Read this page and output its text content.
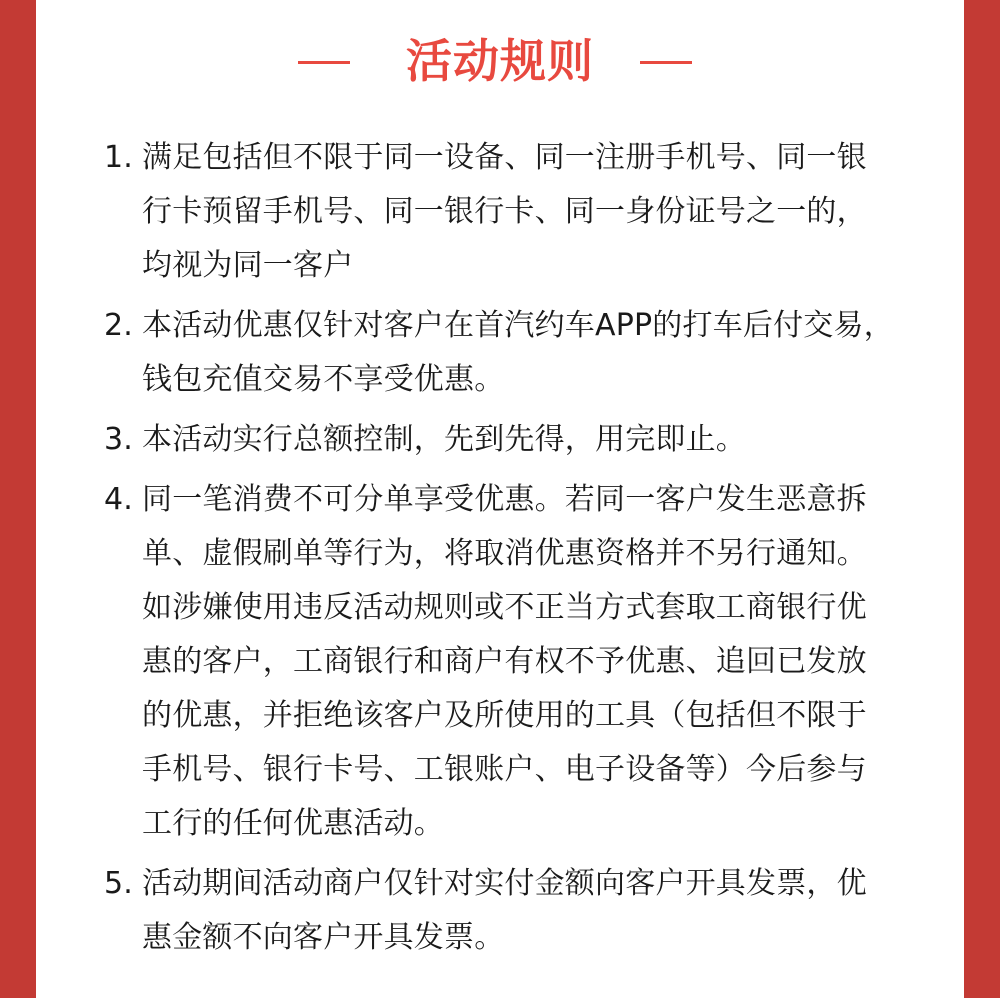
活动规则
1. 满足包括但不限于同一设备、同一注册手机号、同一银行卡预留手机号、同一银行卡、同一身份证号之一的，均视为同一客户
2. 本活动优惠仅针对客户在首汽约车APP的打车后付交易，钱包充值交易不享受优惠。
3. 本活动实行总额控制，先到先得，用完即止。
4. 同一笔消费不可分单享受优惠。若同一客户发生恶意拆单、虚假刷单等行为，将取消优惠资格并不另行通知。如涉嫌使用违反活动规则或不正当方式套取工商银行优惠的客户，工商银行和商户有权不予优惠、追回已发放的优惠，并拒绝该客户及所使用的工具（包括但不限于手机号、银行卡号、工银账户、电子设备等）今后参与工行的任何优惠活动。
5. 活动期间活动商户仅针对实付金额向客户开具发票，优惠金额不向客户开具发票。
